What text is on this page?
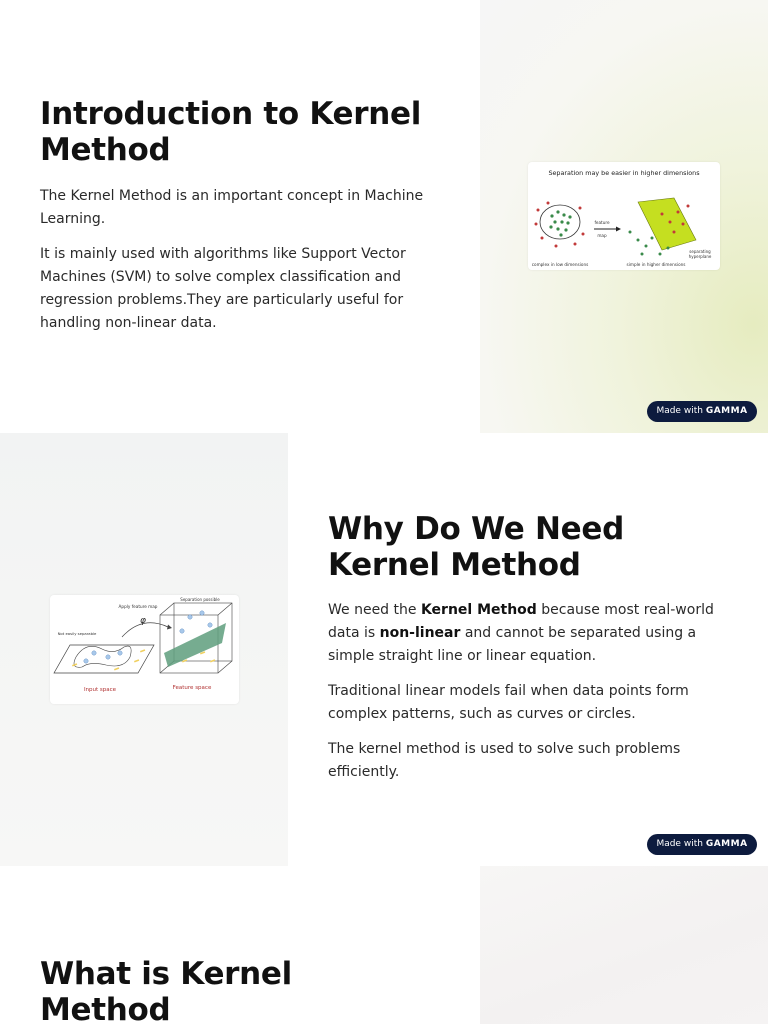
Introduction to Kernel
Method

The Kernel Method is an important concept in Machine Learning.

It is mainly used with algorithms like Support Vector Machines (SVM) to solve complex classification and regression problems.They are particularly useful for handling non-linear data.

Separation may be easier in higher dimensions
feature
map
separating
hyperplane
complex in low dimensions	simple in higher dimensions
Made with GAMMA
Apply feature map
φ
Separation possible
Not easily separable
Input space	Feature space
Why Do We Need
Kernel Method

We need the Kernel Method because most real-world data is non-linear and cannot be separated using a simple straight line or linear equation.

Traditional linear models fail when data points form complex patterns, such as curves or circles.

The kernel method is used to solve such problems efficiently.

Made with GAMMA
What is Kernel
Method
